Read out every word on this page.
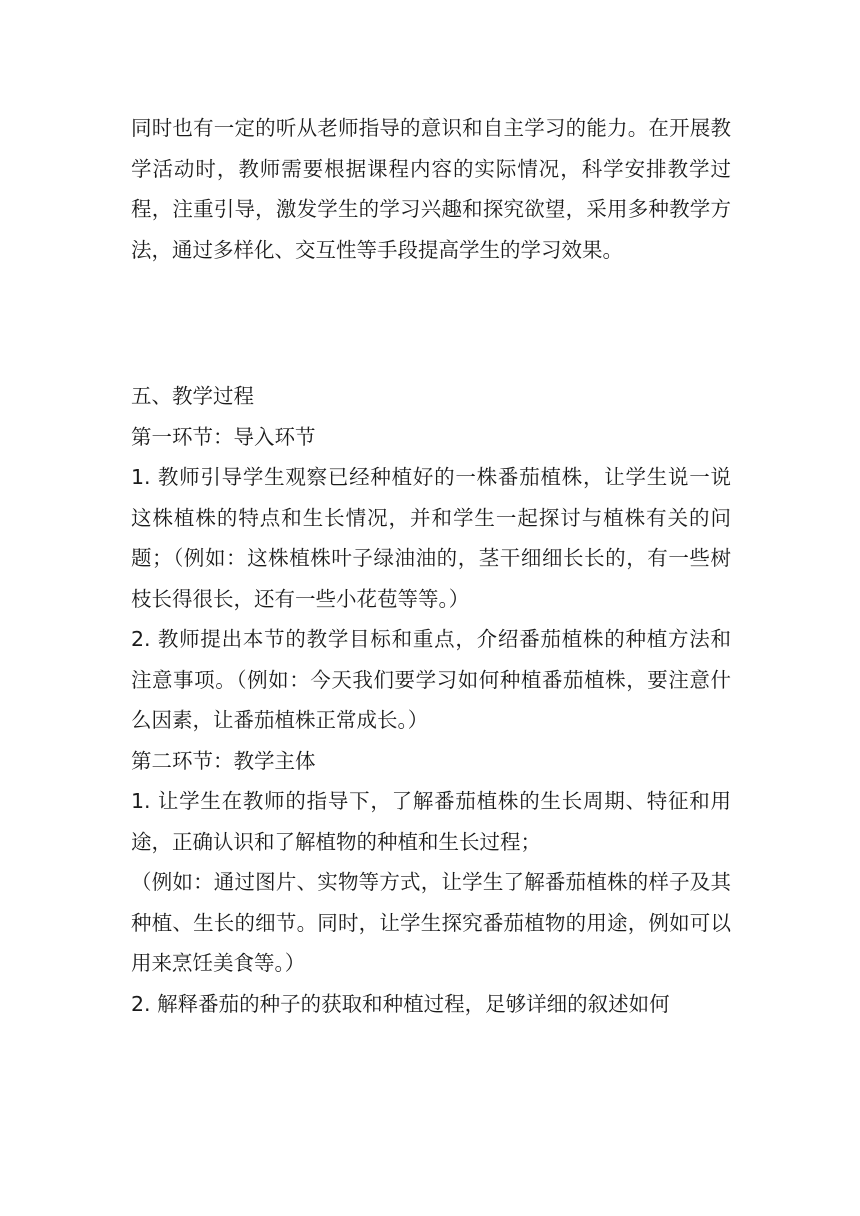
同时也有一定的听从老师指导的意识和自主学习的能力。在开展教学活动时，教师需要根据课程内容的实际情况，科学安排教学过程，注重引导，激发学生的学习兴趣和探究欲望，采用多种教学方法，通过多样化、交互性等手段提高学生的学习效果。

五、教学过程

第一环节：导入环节

1. 教师引导学生观察已经种植好的一株番茄植株，让学生说一说这株植株的特点和生长情况，并和学生一起探讨与植株有关的问题；（例如：这株植株叶子绿油油的，茎干细细长长的，有一些树枝长得很长，还有一些小花苞等等。）

2. 教师提出本节的教学目标和重点，介绍番茄植株的种植方法和注意事项。（例如：今天我们要学习如何种植番茄植株，要注意什么因素，让番茄植株正常成长。）

第二环节：教学主体

1. 让学生在教师的指导下，了解番茄植株的生长周期、特征和用途，正确认识和了解植物的种植和生长过程；

（例如：通过图片、实物等方式，让学生了解番茄植株的样子及其种植、生长的细节。同时，让学生探究番茄植物的用途，例如可以用来烹饪美食等。）

2. 解释番茄的种子的获取和种植过程，足够详细的叙述如何
